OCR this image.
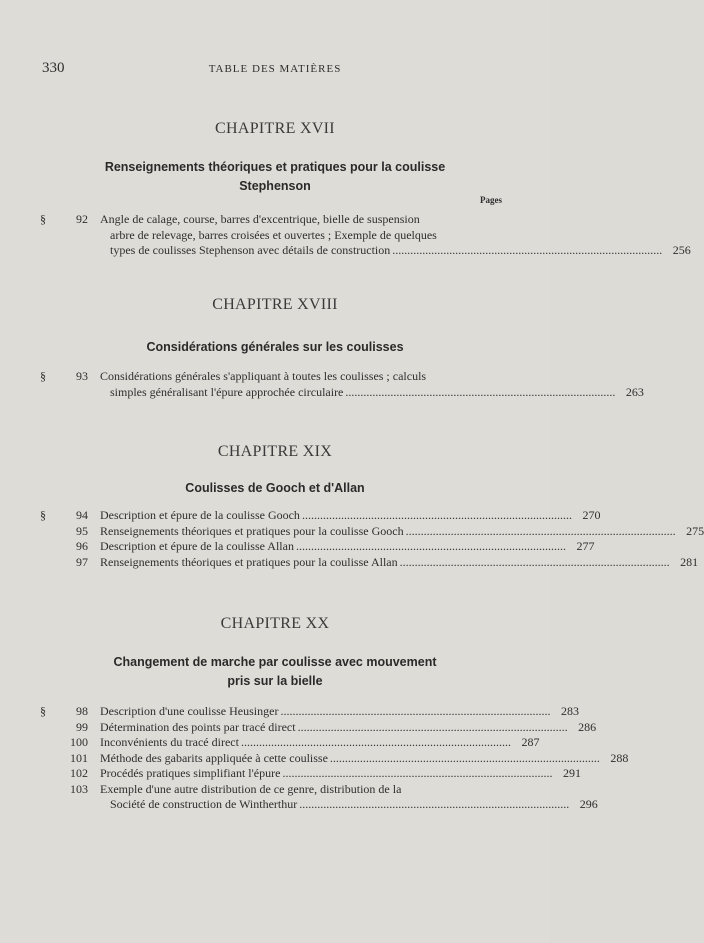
330	TABLE DES MATIÈRES
CHAPITRE XVII
Renseignements théoriques et pratiques pour la coulisse
Stephenson
Pages
§	92	Angle de calage, course, barres d'excentrique, bielle de suspension
arbre de relevage, barres croisées et ouvertes ; Exemple de quelques
types de coulisses Stephenson avec détails de construction . . .	256
CHAPITRE XVIII
Considérations générales sur les coulisses
§	93	Considérations générales s'appliquant à toutes les coulisses ; calculs
simples généralisant l'épure approchée circulaire . . .	263
CHAPITRE XIX
Coulisses de Gooch et d'Allan
§	94	Description et épure de la coulisse Gooch . . .	270
95	Renseignements théoriques et pratiques pour la coulisse Gooch . . .	275
96	Description et épure de la coulisse Allan . . .	277
97	Renseignements théoriques et pratiques pour la coulisse Allan . . .	281
CHAPITRE XX
Changement de marche par coulisse avec mouvement
pris sur la bielle
§	98	Description d'une coulisse Heusinger . . .	283
99	Détermination des points par tracé direct . . .	286
100	Inconvénients du tracé direct . . .	287
101	Méthode des gabarits appliquée à cette coulisse . . .	288
102	Procédés pratiques simplifiant l'épure . . .	291
103	Exemple d'une autre distribution de ce genre, distribution de la
Société de construction de Wintherthur . . .	296
